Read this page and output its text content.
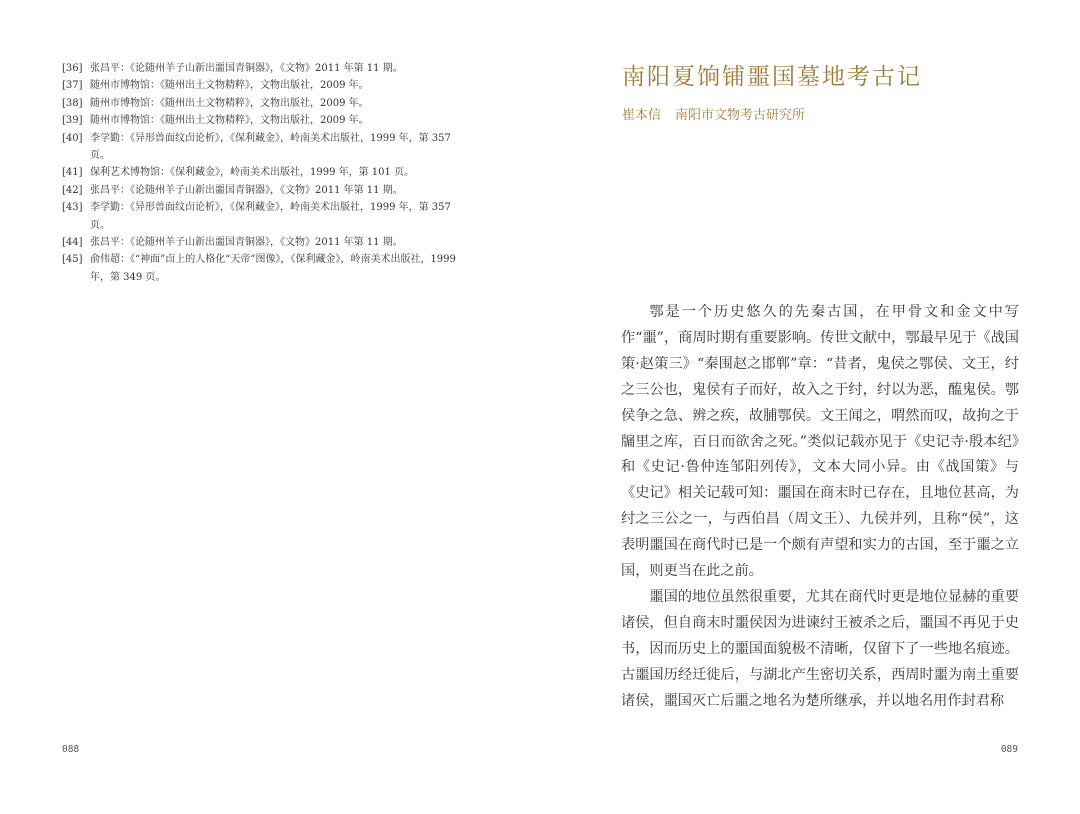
[36] 张昌平：《论随州羊子山新出噩国青铜器》，《文物》2011 年第 11 期。
[37] 随州市博物馆：《随州出土文物精粹》，文物出版社，2009 年。
[38] 随州市博物馆：《随州出土文物精粹》，文物出版社，2009 年。
[39] 随州市博物馆：《随州出土文物精粹》，文物出版社，2009 年。
[40] 李学勤：《异形兽面纹卣论析》，《保利藏金》，岭南美术出版社，1999 年，第 357 页。
[41] 保利艺术博物馆：《保利藏金》，岭南美术出版社，1999 年，第 101 页。
[42] 张昌平：《论随州羊子山新出噩国青铜器》，《文物》2011 年第 11 期。
[43] 李学勤：《异形兽面纹卣论析》，《保利藏金》，岭南美术出版社，1999 年，第 357 页。
[44] 张昌平：《论随州羊子山新出噩国青铜器》，《文物》2011 年第 11 期。
[45] 俞伟超：《“神面”卣上的人格化“天帝”图像》，《保利藏金》，岭南美术出版社，1999 年，第 349 页。
088
南阳夏饷铺噩国墓地考古记
崔本信 南阳市文物考古研究所

鄂是一个历史悠久的先秦古国，在甲骨文和金文中写作“噩”，商周时期有重要影响。传世文献中，鄂最早见于《战国策·赵策三》“秦围赵之邯郸”章：“昔者，鬼侯之鄂侯、文王，纣之三公也，鬼侯有子而好，故入之于纣，纣以为恶，醢鬼侯。鄂侯争之急、辨之疾，故脯鄂侯。文王闻之，喟然而叹，故拘之于牖里之库，百日而欲舍之死。”类似记载亦见于《史记寺·殷本纪》和《史记·鲁仲连邹阳列传》，文本大同小异。由《战国策》与《史记》相关记载可知：噩国在商末时已存在，且地位甚高，为纣之三公之一，与西伯昌（周文王）、九侯并列，且称“侯”，这表明噩国在商代时已是一个颇有声望和实力的古国，至于噩之立国，则更当在此之前。

噩国的地位虽然很重要，尤其在商代时更是地位显赫的重要诸侯，但自商末时噩侯因为进谏纣王被杀之后，噩国不再见于史书，因而历史上的噩国面貌极不清晰，仅留下了一些地名痕迹。古噩国历经迁徙后，与湖北产生密切关系，西周时噩为南土重要诸侯，噩国灭亡后噩之地名为楚所继承，并以地名用作封君称

089
